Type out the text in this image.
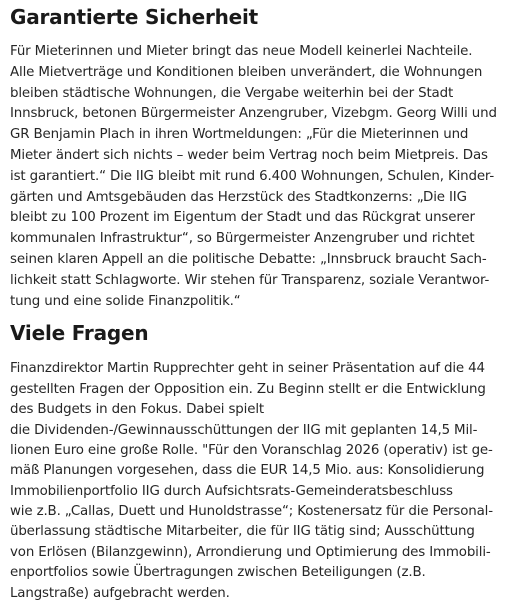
Garantierte Sicherheit
Für Mieterinnen und Mieter bringt das neue Modell keinerlei Nachteile.
Alle Mietverträge und Konditionen bleiben unverändert, die Wohnungen
bleiben städtische Wohnungen, die Vergabe weiterhin bei der Stadt
Innsbruck, betonen Bürgermeister Anzengruber, Vizebgm. Georg Willi und
GR Benjamin Plach in ihren Wortmeldungen: „Für die Mieterinnen und
Mieter ändert sich nichts – weder beim Vertrag noch beim Mietpreis. Das
ist garantiert.“ Die IIG bleibt mit rund 6.400 Wohnungen, Schulen, Kinder-
gärten und Amtsgebäuden das Herzstück des Stadtkonzerns: „Die IIG
bleibt zu 100 Prozent im Eigentum der Stadt und das Rückgrat unserer
kommunalen Infrastruktur“, so Bürgermeister Anzengruber und richtet
seinen klaren Appell an die politische Debatte: „Innsbruck braucht Sach-
lichkeit statt Schlagworte. Wir stehen für Transparenz, soziale Verantwor-
tung und eine solide Finanzpolitik.“
Viele Fragen
Finanzdirektor Martin Rupprechter geht in seiner Präsentation auf die 44
gestellten Fragen der Opposition ein. Zu Beginn stellt er die Entwicklung
des Budgets in den Fokus. Dabei spielt
die Dividenden-/Gewinnausschüttungen der IIG mit geplanten 14,5 Mil-
lionen Euro eine große Rolle. "Für den Voranschlag 2026 (operativ) ist ge-
mäß Planungen vorgesehen, dass die EUR 14,5 Mio. aus: Konsolidierung
Immobilienportfolio IIG durch Aufsichtsrats-Gemeinderatsbeschluss
wie z.B. „Callas, Duett und Hunoldstrasse“; Kostenersatz für die Personal-
überlassung städtische Mitarbeiter, die für IIG tätig sind; Ausschüttung
von Erlösen (Bilanzgewinn), Arrondierung und Optimierung des Immobili-
enportfolios sowie Übertragungen zwischen Beteiligungen (z.B.
Langstraße) aufgebracht werden.
